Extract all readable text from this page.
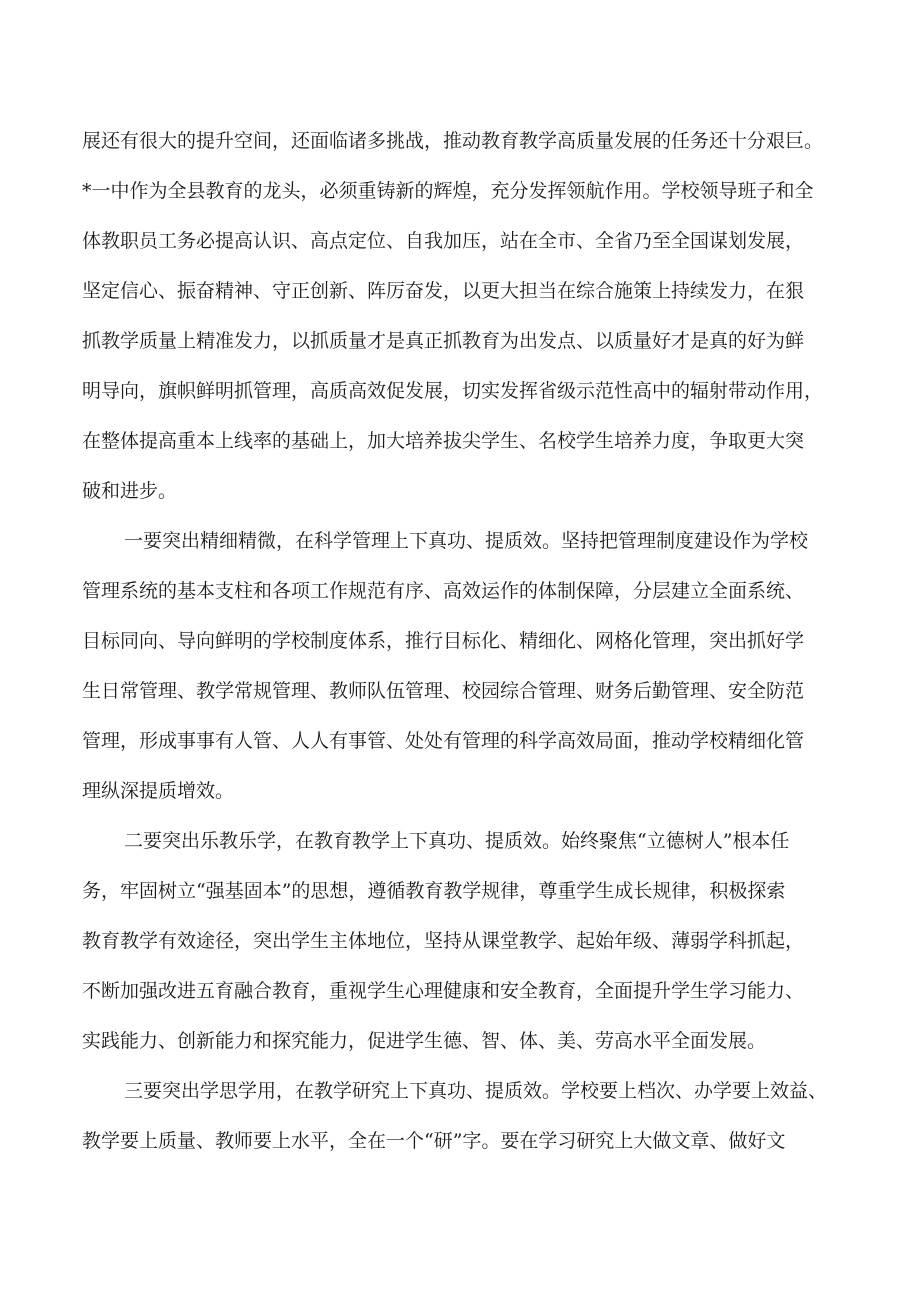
展还有很大的提升空间，还面临诸多挑战，推动教育教学高质量发展的任务还十分艰巨。
*一中作为全县教育的龙头，必须重铸新的辉煌，充分发挥领航作用。学校领导班子和全
体教职员工务必提高认识、高点定位、自我加压，站在全市、全省乃至全国谋划发展，
坚定信心、振奋精神、守正创新、阵厉奋发，以更大担当在综合施策上持续发力，在狠
抓教学质量上精准发力，以抓质量才是真正抓教育为出发点、以质量好才是真的好为鲜
明导向，旗帜鲜明抓管理，高质高效促发展，切实发挥省级示范性高中的辐射带动作用，
在整体提高重本上线率的基础上，加大培养拔尖学生、名校学生培养力度，争取更大突
破和进步。
一要突出精细精微，在科学管理上下真功、提质效。坚持把管理制度建设作为学校
管理系统的基本支柱和各项工作规范有序、高效运作的体制保障，分层建立全面系统、
目标同向、导向鲜明的学校制度体系，推行目标化、精细化、网格化管理，突出抓好学
生日常管理、教学常规管理、教师队伍管理、校园综合管理、财务后勤管理、安全防范
管理，形成事事有人管、人人有事管、处处有管理的科学高效局面，推动学校精细化管
理纵深提质增效。
二要突出乐教乐学，在教育教学上下真功、提质效。始终聚焦“立德树人”根本任
务，牢固树立“强基固本”的思想，遵循教育教学规律，尊重学生成长规律，积极探索
教育教学有效途径，突出学生主体地位，坚持从课堂教学、起始年级、薄弱学科抓起，
不断加强改进五育融合教育，重视学生心理健康和安全教育，全面提升学生学习能力、
实践能力、创新能力和探究能力，促进学生德、智、体、美、劳高水平全面发展。
三要突出学思学用，在教学研究上下真功、提质效。学校要上档次、办学要上效益、
教学要上质量、教师要上水平，全在一个“研”字。要在学习研究上大做文章、做好文
